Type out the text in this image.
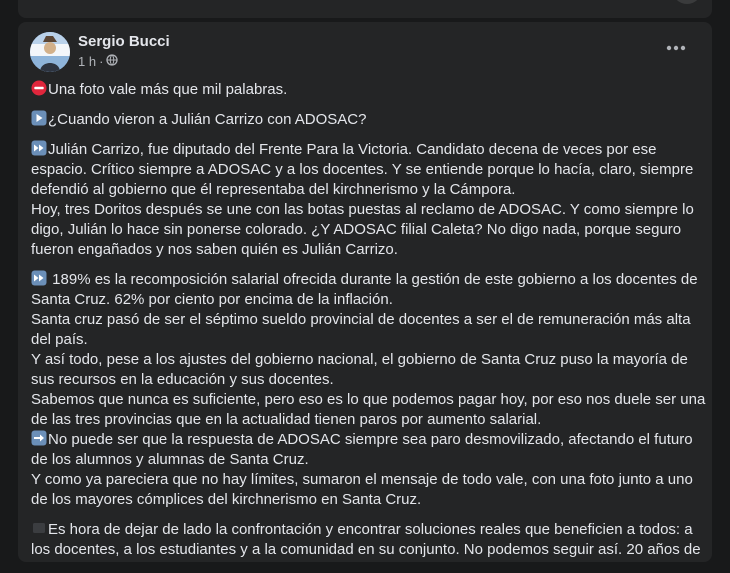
Sergio Bucci
1 h ·
Una foto vale más que mil palabras.
¿Cuando vieron a Julián Carrizo con ADOSAC?
Julián Carrizo, fue diputado del Frente Para la Victoria. Candidato decena de veces por ese
espacio. Crítico siempre a ADOSAC y a los docentes. Y se entiende porque lo hacía, claro, siempre
defendió al gobierno que él representaba del kirchnerismo y la Cámpora.
Hoy, tres Doritos después se une con las botas puestas al reclamo de ADOSAC. Y como siempre lo
digo, Julián lo hace sin ponerse colorado. ¿Y ADOSAC filial Caleta? No digo nada, porque seguro
fueron engañados y nos saben quién es Julián Carrizo.
189% es la recomposición salarial ofrecida durante la gestión de este gobierno a los docentes de
Santa Cruz. 62% por ciento por encima de la inflación.
Santa cruz pasó de ser el séptimo sueldo provincial de docentes a ser el de remuneración más alta
del país.
Y así todo, pese a los ajustes del gobierno nacional, el gobierno de Santa Cruz puso la mayoría de
sus recursos en la educación y sus docentes.
Sabemos que nunca es suficiente, pero eso es lo que podemos pagar hoy, por eso nos duele ser una
de las tres provincias que en la actualidad tienen paros por aumento salarial.
No puede ser que la respuesta de ADOSAC siempre sea paro desmovilizado, afectando el futuro
de los alumnos y alumnas de Santa Cruz.
Y como ya pareciera que no hay límites, sumaron el mensaje de todo vale, con una foto junto a uno
de los mayores cómplices del kirchnerismo en Santa Cruz.
Es hora de dejar de lado la confrontación y encontrar soluciones reales que beneficien a todos: a
los docentes, a los estudiantes y a la comunidad en su conjunto. No podemos seguir así. 20 años de
